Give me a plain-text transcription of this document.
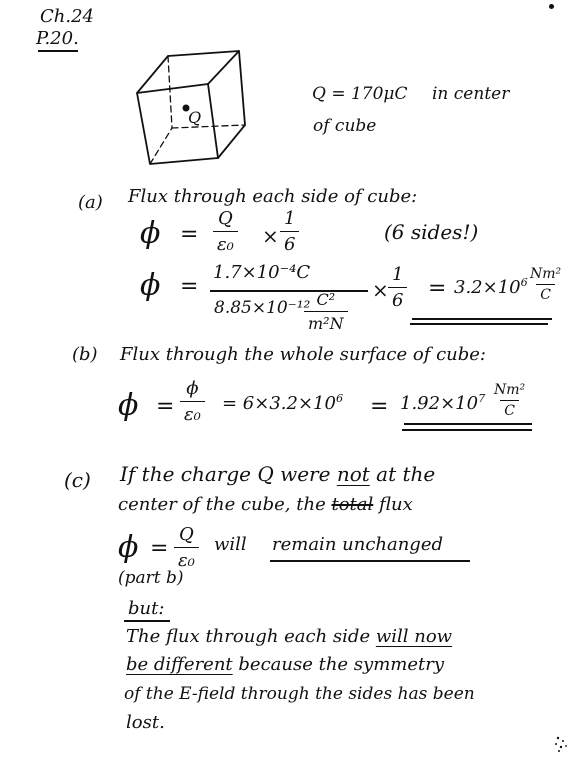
Ch.24
P.20.
Q
Q = 170μC in center
of cube
(a) Flux through each side of cube:
$\phi = \frac{Q}{\text{ε₀}} \times \frac{1}{6}$	(6 sides!)
ϕ =
1.7×10⁻⁴C
8.85×10⁻¹²
$\frac{\text{C²}}{\text{m²N}} \times \frac{1}{6} = 3.2\times 10^6$
$\frac{\text{Nm²}}{C}$
(b) Flux through the whole surface of cube:
$\phi = \frac{\phi}{\text{ε₀}} = 6\times 3.2\times 10^6 = 1.92\times 10^7 \frac{\text{Nm²}}{C}$
(c) If the charge Q were not at the
center of the cube, the total flux
$\phi = \frac{Q}{\text{ε₀}}$ will remain unchanged
(part b)
but:
The flux through each side will now
be different because the symmetry
of the E-field through the sides has been
lost.
